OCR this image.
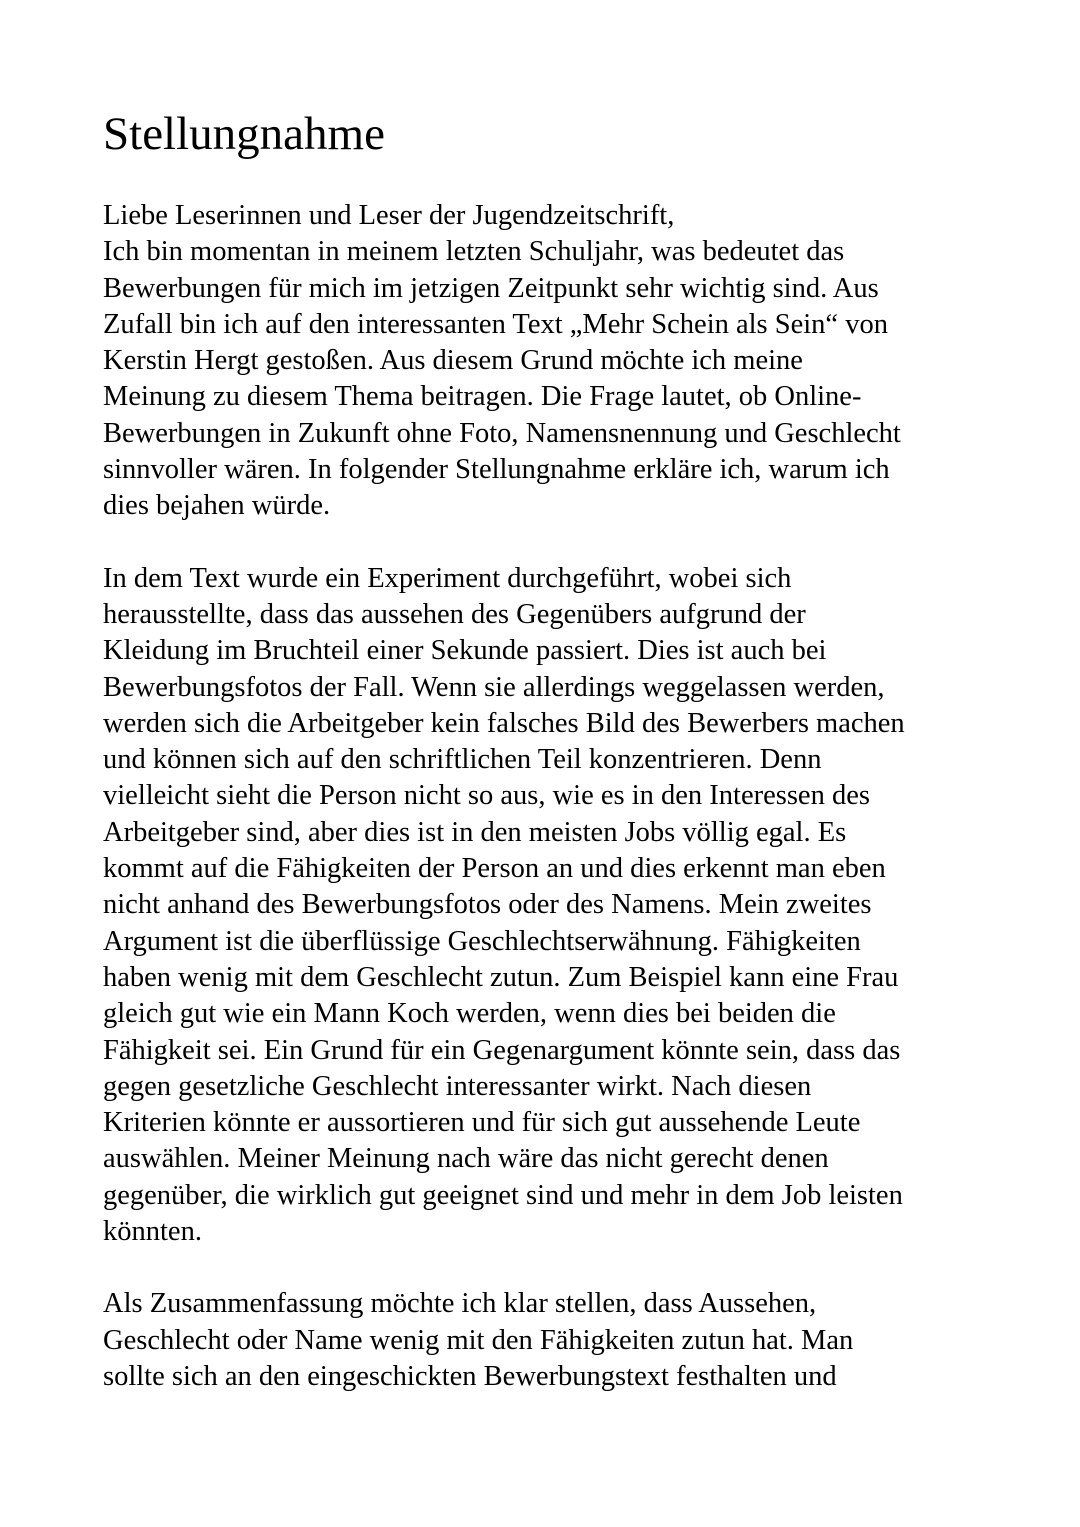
Stellungnahme
Liebe Leserinnen und Leser der Jugendzeitschrift,
Ich bin momentan in meinem letzten Schuljahr, was bedeutet das
Bewerbungen für mich im jetzigen Zeitpunkt sehr wichtig sind. Aus
Zufall bin ich auf den interessanten Text „Mehr Schein als Sein“ von
Kerstin Hergt gestoßen. Aus diesem Grund möchte ich meine
Meinung zu diesem Thema beitragen. Die Frage lautet, ob Online-
Bewerbungen in Zukunft ohne Foto, Namensnennung und Geschlecht
sinnvoller wären. In folgender Stellungnahme erkläre ich, warum ich
dies bejahen würde.
In dem Text wurde ein Experiment durchgeführt, wobei sich
herausstellte, dass das aussehen des Gegenübers aufgrund der
Kleidung im Bruchteil einer Sekunde passiert. Dies ist auch bei
Bewerbungsfotos der Fall. Wenn sie allerdings weggelassen werden,
werden sich die Arbeitgeber kein falsches Bild des Bewerbers machen
und können sich auf den schriftlichen Teil konzentrieren. Denn
vielleicht sieht die Person nicht so aus, wie es in den Interessen des
Arbeitgeber sind, aber dies ist in den meisten Jobs völlig egal. Es
kommt auf die Fähigkeiten der Person an und dies erkennt man eben
nicht anhand des Bewerbungsfotos oder des Namens. Mein zweites
Argument ist die überflüssige Geschlechtserwähnung. Fähigkeiten
haben wenig mit dem Geschlecht zutun. Zum Beispiel kann eine Frau
gleich gut wie ein Mann Koch werden, wenn dies bei beiden die
Fähigkeit sei. Ein Grund für ein Gegenargument könnte sein, dass das
gegen gesetzliche Geschlecht interessanter wirkt. Nach diesen
Kriterien könnte er aussortieren und für sich gut aussehende Leute
auswählen. Meiner Meinung nach wäre das nicht gerecht denen
gegenüber, die wirklich gut geeignet sind und mehr in dem Job leisten
könnten.
Als Zusammenfassung möchte ich klar stellen, dass Aussehen,
Geschlecht oder Name wenig mit den Fähigkeiten zutun hat. Man
sollte sich an den eingeschickten Bewerbungstext festhalten und
